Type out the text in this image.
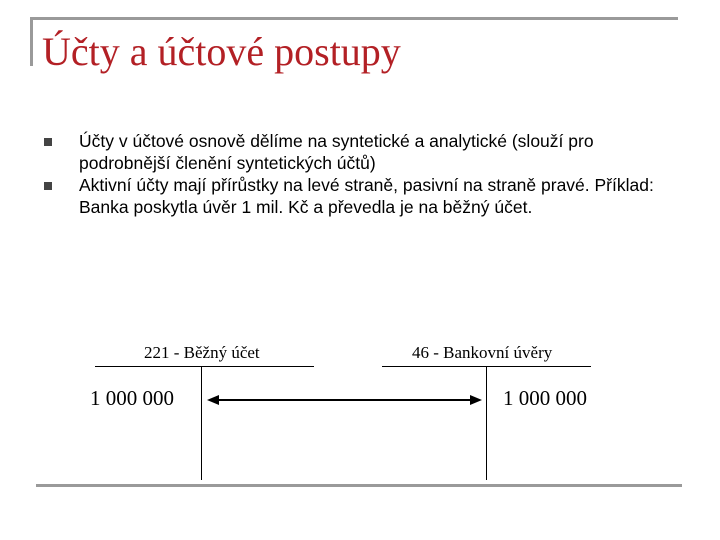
Účty a účtové postupy
Účty v účtové osnově dělíme na syntetické a analytické (slouží pro podrobnější členění syntetických účtů)
Aktivní účty mají přírůstky na levé straně, pasivní na straně pravé. Příklad: Banka poskytla úvěr 1 mil. Kč a převedla je na běžný účet.
221 - Běžný účet
1 000 000
46 - Bankovní úvěry
1 000 000
